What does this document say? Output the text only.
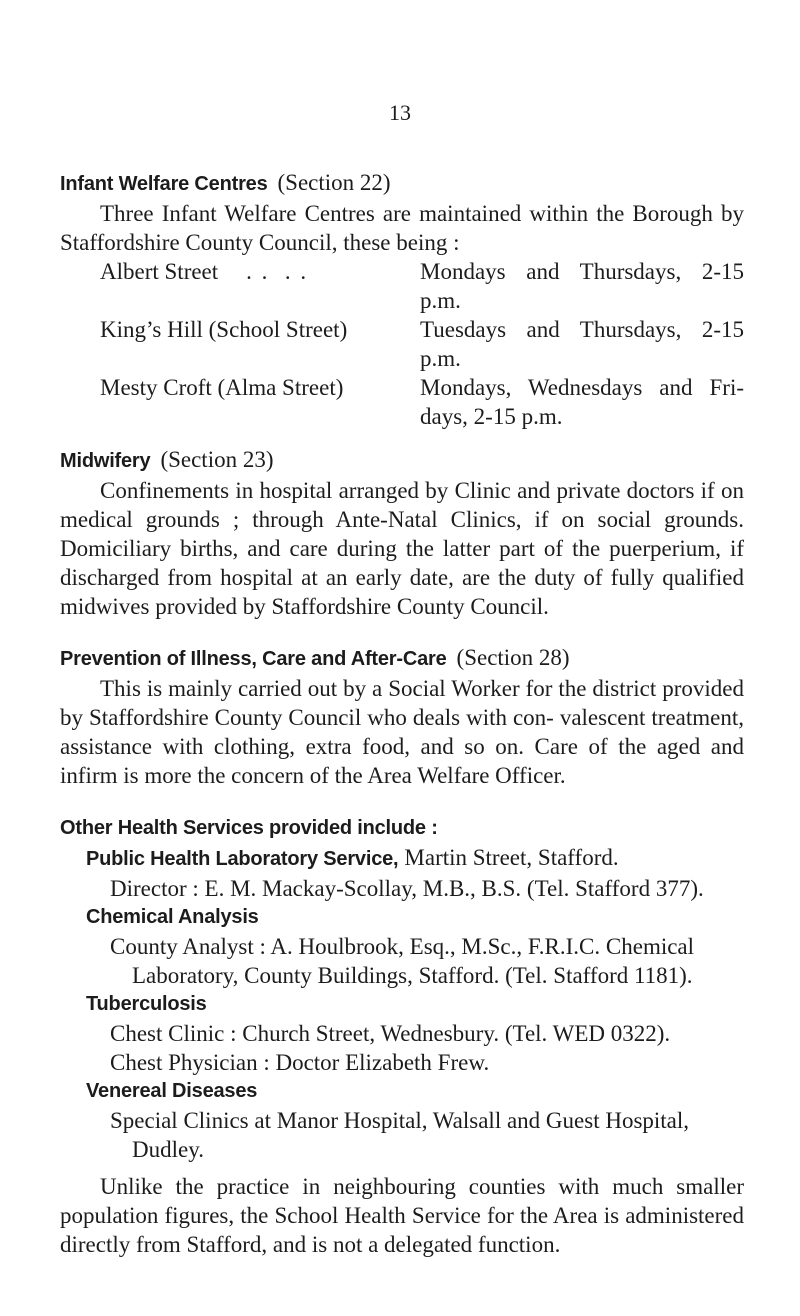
13
Infant Welfare Centres (Section 22)

Three Infant Welfare Centres are maintained within the Borough by Staffordshire County Council, these being :

Albert Street . .  . .	Mondays and Thursdays, 2-15 p.m.
King’s Hill (School Street)	Tuesdays and Thursdays, 2-15 p.m.
Mesty Croft (Alma Street)	Mondays, Wednesdays and Fri- days, 2-15 p.m.
Midwifery (Section 23)

Confinements in hospital arranged by Clinic and private doctors if on medical grounds ; through Ante-Natal Clinics, if on social grounds. Domiciliary births, and care during the latter part of the puerperium, if discharged from hospital at an early date, are the duty of fully qualified midwives provided by Staffordshire County Council.

Prevention of Illness, Care and After-Care (Section 28)

This is mainly carried out by a Social Worker for the district provided by Staffordshire County Council who deals with con- valescent treatment, assistance with clothing, extra food, and so on. Care of the aged and infirm is more the concern of the Area Welfare Officer.

Other Health Services provided include :

Public Health Laboratory Service, Martin Street, Stafford.

Director : E. M. Mackay-Scollay, M.B., B.S. (Tel. Stafford 377).

Chemical Analysis

County Analyst : A. Houlbrook, Esq., M.Sc., F.R.I.C. Chemical Laboratory, County Buildings, Stafford. (Tel. Stafford 1181).

Tuberculosis

Chest Clinic : Church Street, Wednesbury. (Tel. WED 0322).

Chest Physician : Doctor Elizabeth Frew.

Venereal Diseases

Special Clinics at Manor Hospital, Walsall and Guest Hospital, Dudley.

Unlike the practice in neighbouring counties with much smaller population figures, the School Health Service for the Area is administered directly from Stafford, and is not a delegated function.
